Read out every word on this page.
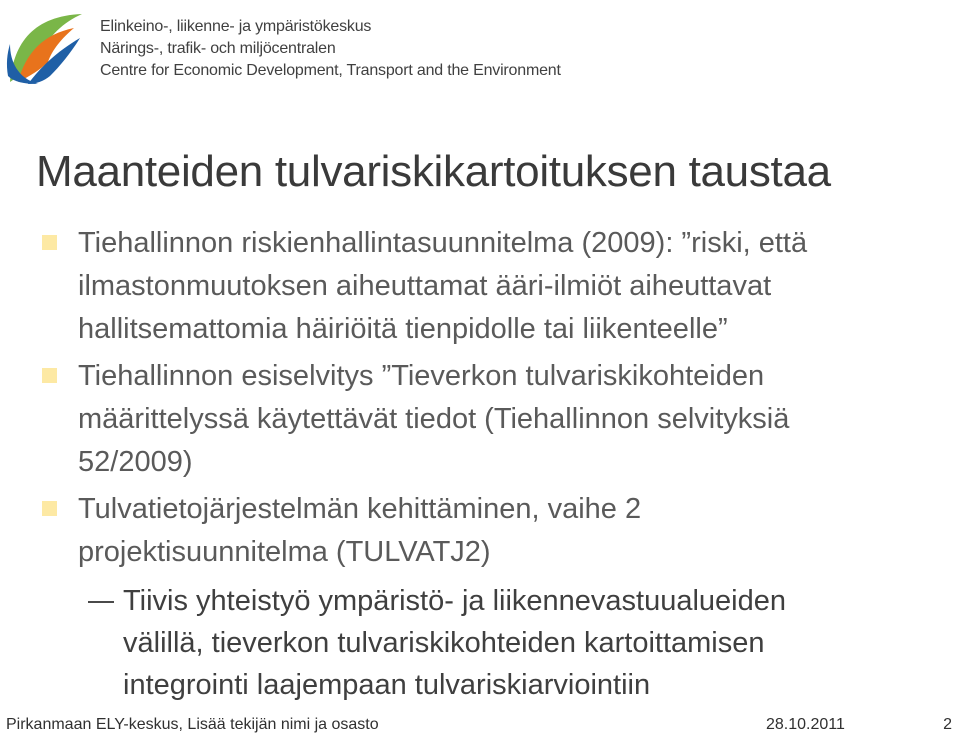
Elinkeino-, liikenne- ja ympäristökeskus
Närings-, trafik- och miljöcentralen
Centre for Economic Development, Transport and the Environment
Maanteiden tulvariskikartoituksen taustaa
Tiehallinnon riskienhallintasuunnitelma (2009): ”riski, että
ilmastonmuutoksen aiheuttamat ääri-ilmiöt aiheuttavat
hallitsemattomia häiriöitä tienpidolle tai liikenteelle”
Tiehallinnon esiselvitys ”Tieverkon tulvariskikohteiden
määrittelyssä käytettävät tiedot (Tiehallinnon selvityksiä
52/2009)
Tulvatietojärjestelmän kehittäminen, vaihe 2
projektisuunnitelma (TULVATJ2)
Tiivis yhteistyö ympäristö- ja liikennevastuualueiden
välillä, tieverkon tulvariskikohteiden kartoittamisen
integrointi laajempaan tulvariskiarviointiin
Pirkanmaan ELY-keskus, Lisää tekijän nimi ja osasto	28.10.2011	2
